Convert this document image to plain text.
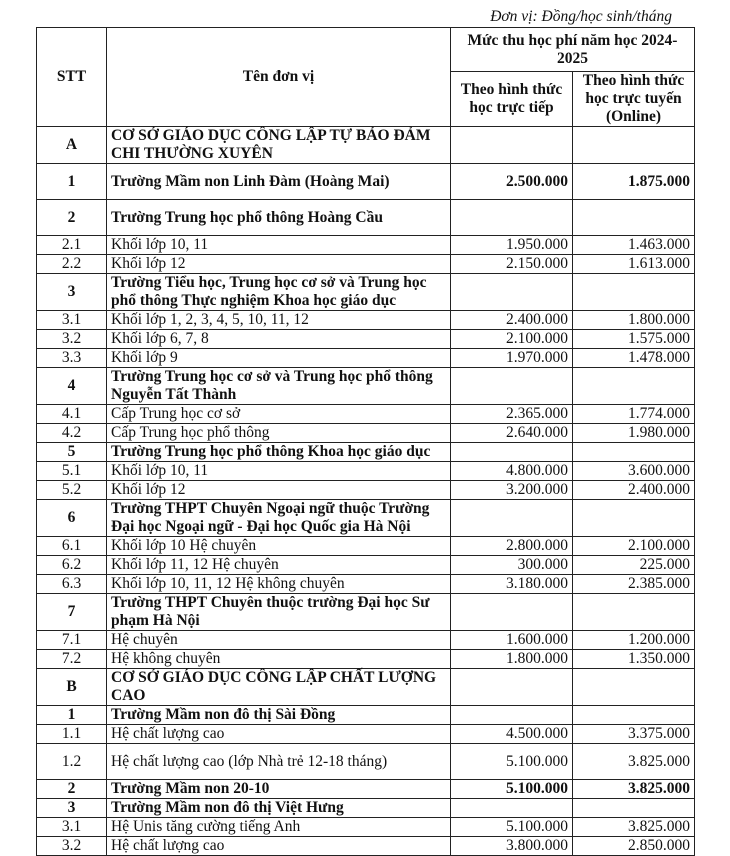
Đơn vị: Đồng/học sinh/tháng
STT	Tên đơn vị	Mức thu học phí năm học 2024-2025	
		Theo hình thức học trực tiếp	Theo hình thức học trực tuyến (Online)
A	CƠ SỞ GIÁO DỤC CÔNG LẬP TỰ BẢO ĐẢM CHI THƯỜNG XUYÊN		
1	Trường Mầm non Linh Đàm (Hoàng Mai)	2.500.000	1.875.000
2	Trường Trung học phổ thông Hoàng Cầu		
2.1	Khối lớp 10, 11	1.950.000	1.463.000
2.2	Khối lớp 12	2.150.000	1.613.000
3	Trường Tiểu học, Trung học cơ sở và Trung học phổ thông Thực nghiệm Khoa học giáo dục		
3.1	Khối lớp 1, 2, 3, 4, 5, 10, 11, 12	2.400.000	1.800.000
3.2	Khối lớp 6, 7, 8	2.100.000	1.575.000
3.3	Khối lớp 9	1.970.000	1.478.000
4	Trường Trung học cơ sở và Trung học phổ thông Nguyễn Tất Thành		
4.1	Cấp Trung học cơ sở	2.365.000	1.774.000
4.2	Cấp Trung học phổ thông	2.640.000	1.980.000
5	Trường Trung học phổ thông Khoa học giáo dục		
5.1	Khối lớp 10, 11	4.800.000	3.600.000
5.2	Khối lớp 12	3.200.000	2.400.000
6	Trường THPT Chuyên Ngoại ngữ thuộc Trường Đại học Ngoại ngữ - Đại học Quốc gia Hà Nội		
6.1	Khối lớp 10 Hệ chuyên	2.800.000	2.100.000
6.2	Khối lớp 11, 12 Hệ chuyên	300.000	225.000
6.3	Khối lớp 10, 11, 12 Hệ không chuyên	3.180.000	2.385.000
7	Trường THPT Chuyên thuộc trường Đại học Sư phạm Hà Nội		
7.1	Hệ chuyên	1.600.000	1.200.000
7.2	Hệ không chuyên	1.800.000	1.350.000
B	CƠ SỞ GIÁO DỤC CÔNG LẬP CHẤT LƯỢNG CAO		
1	Trường Mầm non đô thị Sài Đồng		
1.1	Hệ chất lượng cao	4.500.000	3.375.000
1.2	Hệ chất lượng cao (lớp Nhà trẻ 12-18 tháng)	5.100.000	3.825.000
2	Trường Mầm non 20-10	5.100.000	3.825.000
3	Trường Mầm non đô thị Việt Hưng		
3.1	Hệ Unis tăng cường tiếng Anh	5.100.000	3.825.000
3.2	Hệ chất lượng cao	3.800.000	2.850.000
